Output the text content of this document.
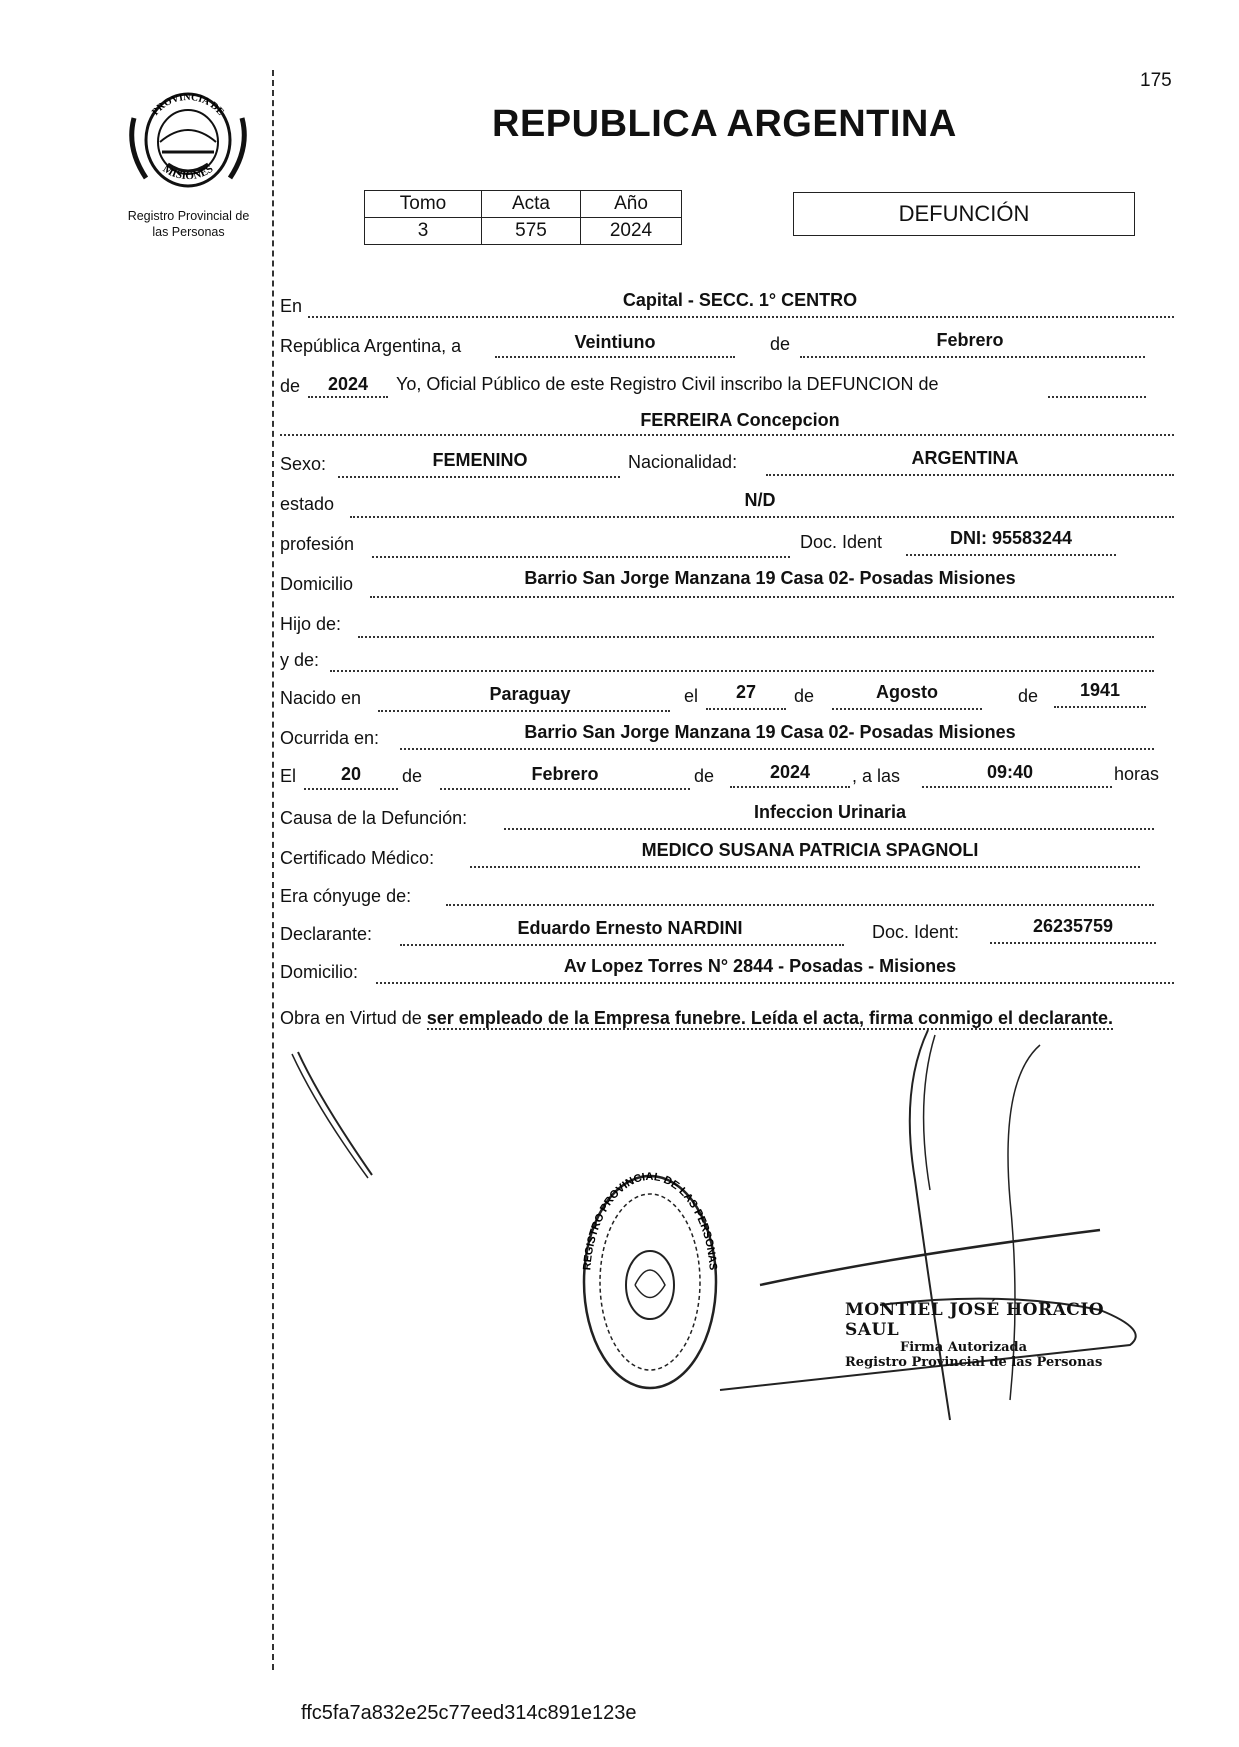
175
PROVINCIA DE
MISIONES
Registro Provincial de
las Personas
REPUBLICA ARGENTINA
Tomo	Acta	Año
3	575	2024
DEFUNCIÓN
En	Capital - SECC. 1° CENTRO
República Argentina, a	Veintiuno	de	Febrero
de	2024	Yo, Oficial Público de este Registro Civil inscribo la DEFUNCION de
FERREIRA Concepcion
Sexo:	FEMENINO	Nacionalidad:	ARGENTINA
estado	N/D
profesión	Doc. Ident	DNI: 95583244
Domicilio	Barrio San Jorge Manzana 19 Casa 02- Posadas Misiones
Hijo de:
y de:
Nacido en	Paraguay	el	27	de	Agosto	de	1941
Ocurrida en:	Barrio San Jorge Manzana 19 Casa 02- Posadas Misiones
El	20	de	Febrero	de	2024	, a las	09:40	horas
Causa de la Defunción:	Infeccion Urinaria
Certificado Médico:	MEDICO SUSANA PATRICIA SPAGNOLI
Era cónyuge de:
Declarante:	Eduardo Ernesto NARDINI	Doc. Ident:	26235759
Domicilio:	Av Lopez Torres N° 2844 - Posadas - Misiones
Obra en Virtud de ser empleado de la Empresa funebre. Leída el acta, firma conmigo el declarante.
REGISTRO PROVINCIAL DE LAS PERSONAS
MONTIEL JOSÉ HORACIO SAUL
Firma Autorizada
Registro Provincial de las Personas
ffc5fa7a832e25c77eed314c891e123e
